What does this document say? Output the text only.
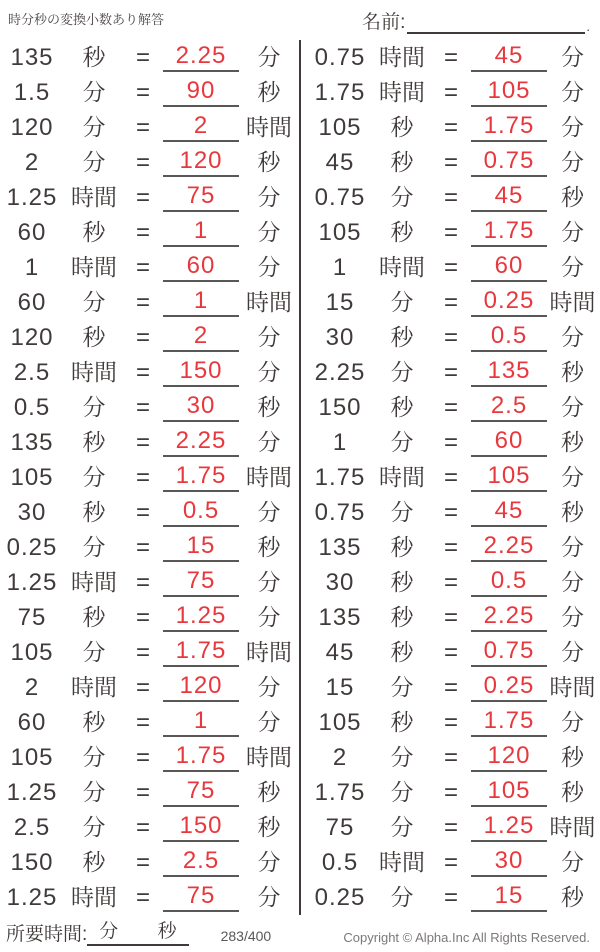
時分秒の変換小数あり解答	名前:	.
135	秒	=	2.25	分
1.5	分	=	90	秒
120	分	=	2	時間
2	分	=	120	秒
1.25 時間 =	75	分
60	秒	=	1	分
1	時間 =	60	分
60	分	=	1	時間
120	秒	=	2	分
2.5 時間 =	150	分
0.5	分	=	30	秒
135	秒	=	2.25	分
105	分	=	1.75 時間
30	秒	=	0.5	分
0.25	分	=	15	秒
1.25 時間 =	75	分
75	秒	=	1.25	分
105	分	=	1.75 時間
2	時間 =	120	分
60	秒	=	1	分
105	分	=	1.75 時間
1.25	分	=	75	秒
2.5	分	=	150	秒
150	秒	=	2.5	分
1.25 時間 =	75	分
0.75 時間 =	45	分
1.75 時間 =	105	分
105	秒	=	1.75	分
45	秒	=	0.75	分
0.75	分	=	45	秒
105	秒	=	1.75	分
1	時間 =	60	分
15	分	=	0.25 時間
30	秒	=	0.5	分
2.25	分	=	135	秒
150	秒	=	2.5	分
1	分	=	60	秒
1.75 時間 =	105	分
0.75	分	=	45	秒
135	秒	=	2.25	分
30	秒	=	0.5	分
135	秒	=	2.25	分
45	秒	=	0.75	分
15	分	=	0.25 時間
105	秒	=	1.75	分
2	分	=	120	秒
1.75	分	=	105	秒
75	分	=	1.25 時間
0.5 時間 =	30	分
0.25	分	=	15	秒
所要時間: 分 秒	283/400	Copyright © Alpha.Inc All Rights Reserved.
